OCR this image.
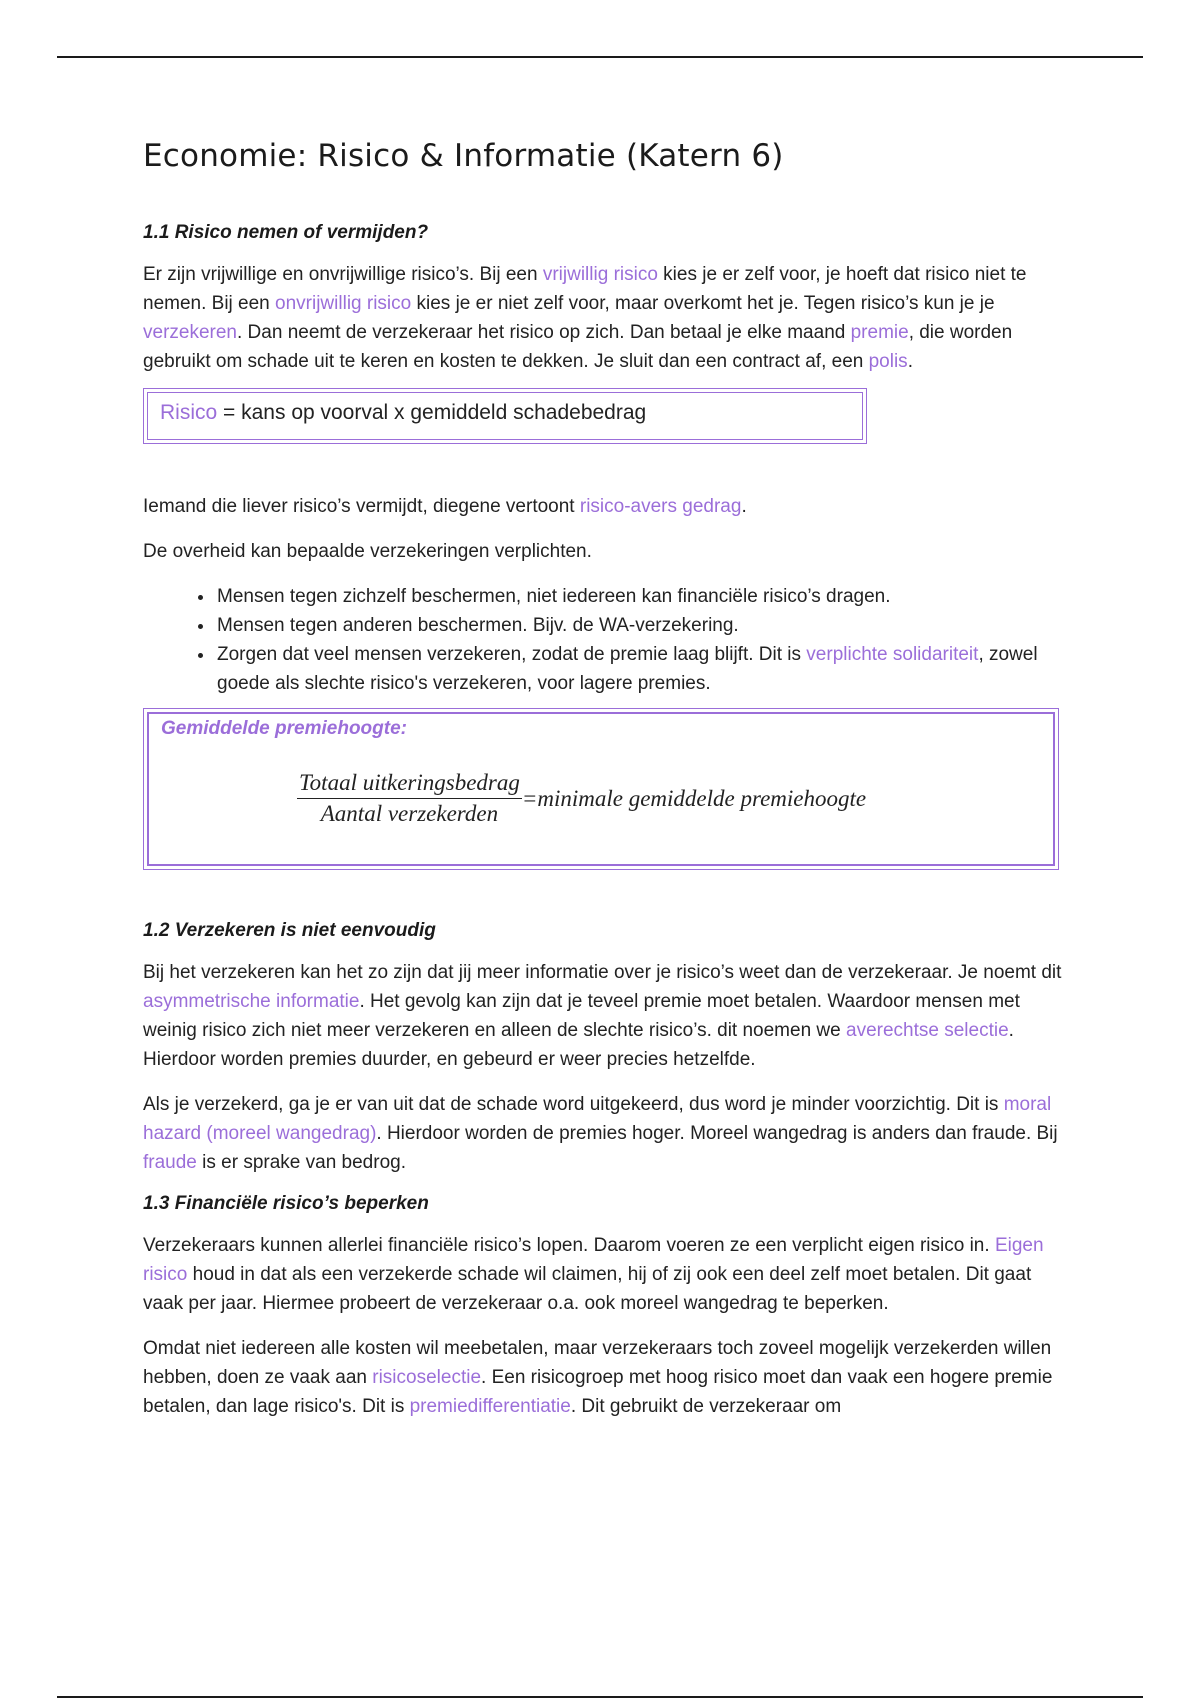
Economie: Risico & Informatie (Katern 6)
1.1 Risico nemen of vermijden?

Er zijn vrijwillige en onvrijwillige risico’s. Bij een vrijwillig risico kies je er zelf voor, je hoeft dat risico niet te nemen. Bij een onvrijwillig risico kies je er niet zelf voor, maar overkomt het je. Tegen risico’s kun je je verzekeren. Dan neemt de verzekeraar het risico op zich. Dan betaal je elke maand premie, die worden gebruikt om schade uit te keren en kosten te dekken. Je sluit dan een contract af, een polis.

Risico = kans op voorval x gemiddeld schadebedrag

Iemand die liever risico’s vermijdt, diegene vertoont risico-avers gedrag.

De overheid kan bepaalde verzekeringen verplichten.

• Mensen tegen zichzelf beschermen, niet iedereen kan financiële risico’s dragen.
• Mensen tegen anderen beschermen. Bijv. de WA-verzekering.
• Zorgen dat veel mensen verzekeren, zodat de premie laag blijft. Dit is verplichte solidariteit, zowel goede als slechte risico's verzekeren, voor lagere premies.
Gemiddelde premiehoogte:
$\frac{\text{Totaal uitkeringsbedrag}}{\text{Aantal verzekerden}}$ =minimale gemiddelde premiehoogte
1.2 Verzekeren is niet eenvoudig

Bij het verzekeren kan het zo zijn dat jij meer informatie over je risico’s weet dan de verzekeraar. Je noemt dit asymmetrische informatie. Het gevolg kan zijn dat je teveel premie moet betalen. Waardoor mensen met weinig risico zich niet meer verzekeren en alleen de slechte risico’s. dit noemen we averechtse selectie. Hierdoor worden premies duurder, en gebeurd er weer precies hetzelfde.

Als je verzekerd, ga je er van uit dat de schade word uitgekeerd, dus word je minder voorzichtig. Dit is moral hazard (moreel wangedrag). Hierdoor worden de premies hoger. Moreel wangedrag is anders dan fraude. Bij fraude is er sprake van bedrog.

1.3 Financiële risico’s beperken

Verzekeraars kunnen allerlei financiële risico’s lopen. Daarom voeren ze een verplicht eigen risico in. Eigen risico houd in dat als een verzekerde schade wil claimen, hij of zij ook een deel zelf moet betalen. Dit gaat vaak per jaar. Hiermee probeert de verzekeraar o.a. ook moreel wangedrag te beperken.

Omdat niet iedereen alle kosten wil meebetalen, maar verzekeraars toch zoveel mogelijk verzekerden willen hebben, doen ze vaak aan risicoselectie. Een risicogroep met hoog risico moet dan vaak een hogere premie betalen, dan lage risico's. Dit is premiedifferentiatie. Dit gebruikt de verzekeraar om
